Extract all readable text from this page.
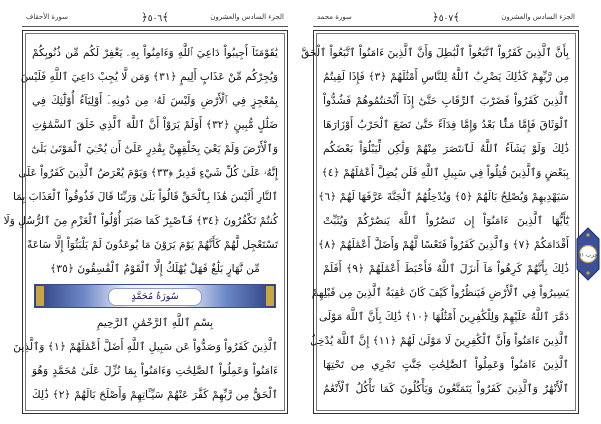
سورة الأحقاف	﴿٥٠٦﴾	الجزء السادس والعشرون
يَٰقَوْمَنَآ أَجِيبُواْ دَاعِيَ ٱللَّهِ وَءَامِنُواْ بِهِۦ يَغْفِرْ لَكُم مِّن ذُنُوبِكُمْ
وَيُجِرْكُم مِّنْ عَذَابٍ أَلِيمٍ ﴿٣١﴾ وَمَن لَّا يُجِبْ دَاعِيَ ٱللَّهِ فَلَيْسَ
بِمُعْجِزٍ فِي ٱلْأَرْضِ وَلَيْسَ لَهُۥ مِن دُونِهِۦٓ أَوْلِيَآءُ أُوْلَٰٓئِكَ فِي
ضَلَٰلٍ مُّبِينٍ ﴿٣٢﴾ أَوَلَمْ يَرَوْاْ أَنَّ ٱللَّهَ ٱلَّذِي خَلَقَ ٱلسَّمَٰوَٰتِ
وَٱلْأَرْضَ وَلَمْ يَعْيَ بِخَلْقِهِنَّ بِقَٰدِرٍ عَلَىٰٓ أَن يُحْـِۧيَ ٱلْمَوْتَىٰ بَلَىٰٓ
إِنَّهُۥ عَلَىٰ كُلِّ شَيْءٍ قَدِيرٌ ﴿٣٣﴾ وَيَوْمَ يُعْرَضُ ٱلَّذِينَ كَفَرُواْ عَلَى
ٱلنَّارِ أَلَيْسَ هَٰذَا بِٱلْحَقِّ قَالُواْ بَلَىٰ وَرَبِّنَا قَالَ فَذُوقُواْ ٱلْعَذَابَ بِمَا
كُنتُمْ تَكْفُرُونَ ﴿٣٤﴾ فَٱصْبِرْ كَمَا صَبَرَ أُوْلُواْ ٱلْعَزْمِ مِنَ ٱلرُّسُلِ وَلَا
تَسْتَعْجِل لَّهُمْ كَأَنَّهُمْ يَوْمَ يَرَوْنَ مَا يُوعَدُونَ لَمْ يَلْبَثُوٓاْ إِلَّا سَاعَةً
مِّن نَّهَارٍ بَلَٰغٌ فَهَلْ يُهْلَكُ إِلَّا ٱلْقَوْمُ ٱلْفَٰسِقُونَ ﴿٣٥﴾
سُورَةُ مُحَمَّدٍ
بِسْمِ ٱللَّهِ ٱلرَّحْمَٰنِ ٱلرَّحِيمِ
ٱلَّذِينَ كَفَرُواْ وَصَدُّواْ عَن سَبِيلِ ٱللَّهِ أَضَلَّ أَعْمَٰلَهُمْ ﴿١﴾ وَٱلَّذِينَ
ءَامَنُواْ وَعَمِلُواْ ٱلصَّٰلِحَٰتِ وَءَامَنُواْ بِمَا نُزِّلَ عَلَىٰ مُحَمَّدٍ وَهُوَ
ٱلْحَقُّ مِن رَّبِّهِمْ كَفَّرَ عَنْهُمْ سَيِّـَٔاتِهِمْ وَأَصْلَحَ بَالَهُمْ ﴿٢﴾ ذَٰلِكَ
سورة محمد	﴿٥٠٧﴾	الجزء السادس والعشرون
بِأَنَّ ٱلَّذِينَ كَفَرُواْ ٱتَّبَعُواْ ٱلْبَٰطِلَ وَأَنَّ ٱلَّذِينَ ءَامَنُواْ ٱتَّبَعُواْ ٱلْحَقَّ
مِن رَّبِّهِمْ كَذَٰلِكَ يَضْرِبُ ٱللَّهُ لِلنَّاسِ أَمْثَٰلَهُمْ ﴿٣﴾ فَإِذَا لَقِيتُمُ
ٱلَّذِينَ كَفَرُواْ فَضَرْبَ ٱلرِّقَابِ حَتَّىٰٓ إِذَآ أَثْخَنتُمُوهُمْ فَشُدُّواْ
ٱلْوَثَاقَ فَإِمَّا مَنًّۢا بَعْدُ وَإِمَّا فِدَآءً حَتَّىٰ تَضَعَ ٱلْحَرْبُ أَوْزَارَهَا
ذَٰلِكَ وَلَوْ يَشَآءُ ٱللَّهُ لَٱنتَصَرَ مِنْهُمْ وَلَٰكِن لِّيَبْلُوَاْ بَعْضَكُم
بِبَعْضٍ وَٱلَّذِينَ قُتِلُواْ فِي سَبِيلِ ٱللَّهِ فَلَن يُضِلَّ أَعْمَٰلَهُمْ ﴿٤﴾
سَيَهْدِيهِمْ وَيُصْلِحُ بَالَهُمْ ﴿٥﴾ وَيُدْخِلُهُمُ ٱلْجَنَّةَ عَرَّفَهَا لَهُمْ ﴿٦﴾
يَٰٓأَيُّهَا ٱلَّذِينَ ءَامَنُوٓاْ إِن تَنصُرُواْ ٱللَّهَ يَنصُرْكُمْ وَيُثَبِّتْ
أَقْدَامَكُمْ ﴿٧﴾ وَٱلَّذِينَ كَفَرُواْ فَتَعْسًا لَّهُمْ وَأَضَلَّ أَعْمَٰلَهُمْ ﴿٨﴾
ذَٰلِكَ بِأَنَّهُمْ كَرِهُواْ مَآ أَنزَلَ ٱللَّهُ فَأَحْبَطَ أَعْمَٰلَهُمْ ﴿٩﴾ أَفَلَمْ
يَسِيرُواْ فِي ٱلْأَرْضِ فَيَنظُرُواْ كَيْفَ كَانَ عَٰقِبَةُ ٱلَّذِينَ مِن قَبْلِهِمْ
دَمَّرَ ٱللَّهُ عَلَيْهِمْ وَلِلْكَٰفِرِينَ أَمْثَٰلُهَا ﴿١٠﴾ ذَٰلِكَ بِأَنَّ ٱللَّهَ مَوْلَى
ٱلَّذِينَ ءَامَنُواْ وَأَنَّ ٱلْكَٰفِرِينَ لَا مَوْلَىٰ لَهُمْ ﴿١١﴾ إِنَّ ٱللَّهَ يُدْخِلُ
ٱلَّذِينَ ءَامَنُواْ وَعَمِلُواْ ٱلصَّٰلِحَٰتِ جَنَّٰتٍ تَجْرِي مِن تَحْتِهَا
ٱلْأَنْهَٰرُ وَٱلَّذِينَ كَفَرُواْ يَتَمَتَّعُونَ وَيَأْكُلُونَ كَمَا تَأْكُلُ ٱلْأَنْعَٰمُ
حزب ٥١
